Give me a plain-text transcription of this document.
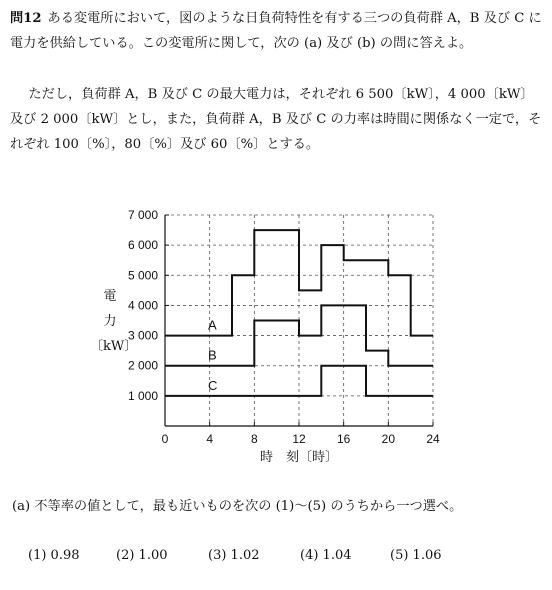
問12 ある変電所において，図のような日負荷特性を有する三つの負荷群 A，B 及び C に電力を供給している。この変電所に関して，次の (a) 及び (b) の問に答えよ。
ただし，負荷群 A，B 及び C の最大電力は，それぞれ 6 500〔kW〕，4 000〔kW〕及び 2 000〔kW〕とし，また，負荷群 A，B 及び C の力率は時間に関係なく一定で，それぞれ 100〔%〕，80〔%〕及び 60〔%〕とする。
1 000
2 000
3 000
4 000
5 000
6 000
7 000
0	4	8	12	16	20	24
A
B
C
電
力
〔kW〕
時　刻〔時〕
(a) 不等率の値として，最も近いものを次の (1)～(5) のうちから一つ選べ。
(1) 0.98	(2) 1.00	(3) 1.02	(4) 1.04	(5) 1.06
